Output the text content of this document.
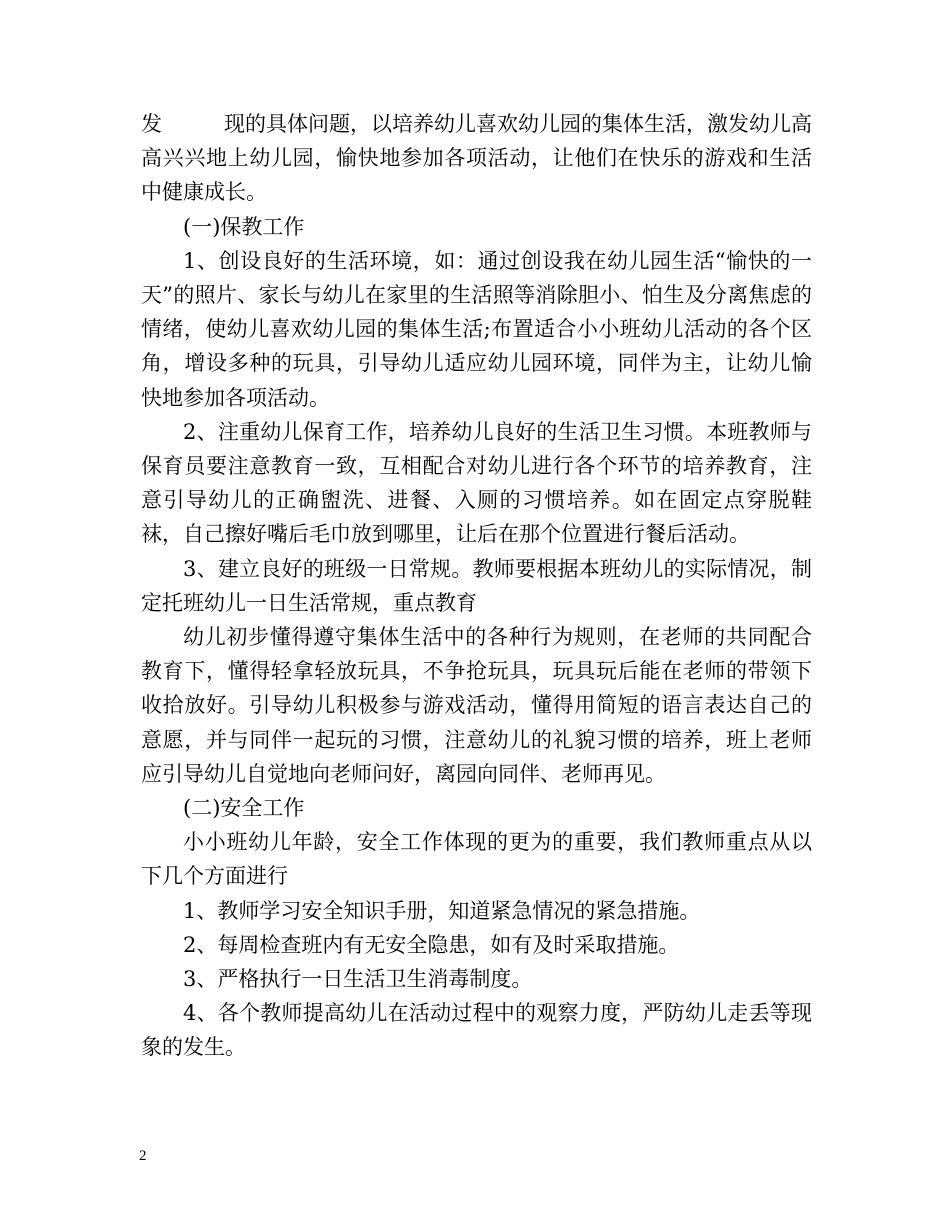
发	现的具体问题，以培养幼儿喜欢幼儿园的集体生活，激发幼儿高高兴兴地上幼儿园，愉快地参加各项活动，让他们在快乐的游戏和生活中健康成长。

(一)保教工作

1、创设良好的生活环境，如：通过创设我在幼儿园生活“愉快的一天”的照片、家长与幼儿在家里的生活照等消除胆小、怕生及分离焦虑的情绪，使幼儿喜欢幼儿园的集体生活;布置适合小小班幼儿活动的各个区角，增设多种的玩具，引导幼儿适应幼儿园环境，同伴为主，让幼儿愉快地参加各项活动。

2、注重幼儿保育工作，培养幼儿良好的生活卫生习惯。本班教师与保育员要注意教育一致，互相配合对幼儿进行各个环节的培养教育，注意引导幼儿的正确盥洗、进餐、入厕的习惯培养。如在固定点穿脱鞋袜，自己擦好嘴后毛巾放到哪里，让后在那个位置进行餐后活动。

3、建立良好的班级一日常规。教师要根据本班幼儿的实际情况，制定托班幼儿一日生活常规，重点教育

幼儿初步懂得遵守集体生活中的各种行为规则，在老师的共同配合教育下，懂得轻拿轻放玩具，不争抢玩具，玩具玩后能在老师的带领下收拾放好。引导幼儿积极参与游戏活动，懂得用简短的语言表达自己的意愿，并与同伴一起玩的习惯，注意幼儿的礼貌习惯的培养，班上老师应引导幼儿自觉地向老师问好，离园向同伴、老师再见。

(二)安全工作

小小班幼儿年龄，安全工作体现的更为的重要，我们教师重点从以下几个方面进行

1、教师学习安全知识手册，知道紧急情况的紧急措施。

2、每周检查班内有无安全隐患，如有及时采取措施。

3、严格执行一日生活卫生消毒制度。

4、各个教师提高幼儿在活动过程中的观察力度，严防幼儿走丢等现象的发生。

2
